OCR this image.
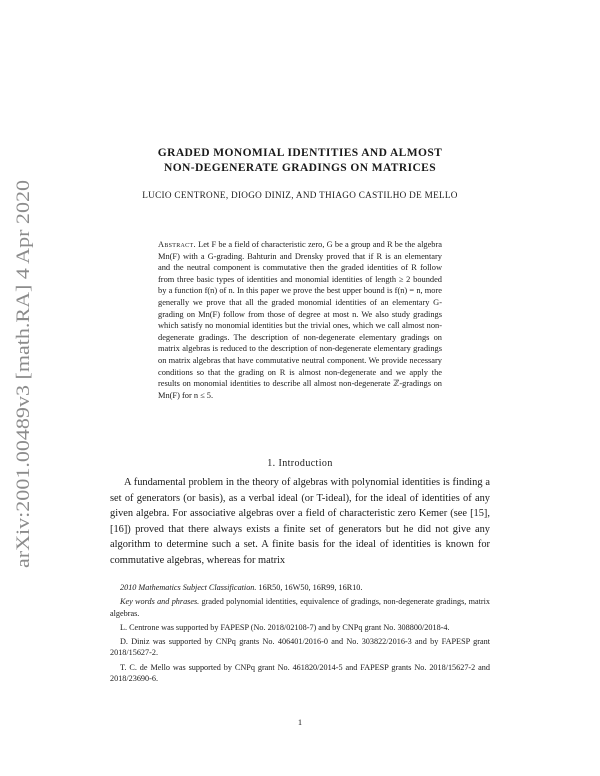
arXiv:2001.00489v3 [math.RA] 4 Apr 2020
GRADED MONOMIAL IDENTITIES AND ALMOST
NON-DEGENERATE GRADINGS ON MATRICES
LUCIO CENTRONE, DIOGO DINIZ, AND THIAGO CASTILHO DE MELLO
Abstract. Let F be a field of characteristic zero, G be a group and R be the algebra Mn(F) with a G-grading. Bahturin and Drensky proved that if R is an elementary and the neutral component is commutative then the graded identities of R follow from three basic types of identities and monomial identities of length ≥ 2 bounded by a function f(n) of n. In this paper we prove the best upper bound is f(n) = n, more generally we prove that all the graded monomial identities of an elementary G-grading on Mn(F) follow from those of degree at most n. We also study gradings which satisfy no monomial identities but the trivial ones, which we call almost non-degenerate gradings. The description of non-degenerate elementary gradings on matrix algebras is reduced to the description of non-degenerate elementary gradings on matrix algebras that have commutative neutral component. We provide necessary conditions so that the grading on R is almost non-degenerate and we apply the results on monomial identities to describe all almost non-degenerate ℤ-gradings on Mn(F) for n ≤ 5.
1. Introduction

A fundamental problem in the theory of algebras with polynomial identities is finding a set of generators (or basis), as a verbal ideal (or T-ideal), for the ideal of identities of any given algebra. For associative algebras over a field of characteristic zero Kemer (see [15],[16]) proved that there always exists a finite set of generators but he did not give any algorithm to determine such a set. A finite basis for the ideal of identities is known for commutative algebras, whereas for matrix

2010 Mathematics Subject Classification. 16R50, 16W50, 16R99, 16R10.

Key words and phrases. graded polynomial identities, equivalence of gradings, non-degenerate gradings, matrix algebras.

L. Centrone was supported by FAPESP (No. 2018/02108-7) and by CNPq grant No. 308800/2018-4.

D. Diniz was supported by CNPq grants No. 406401/2016-0 and No. 303822/2016-3 and by FAPESP grant 2018/15627-2.

T. C. de Mello was supported by CNPq grant No. 461820/2014-5 and FAPESP grants No. 2018/15627-2 and 2018/23690-6.

1
